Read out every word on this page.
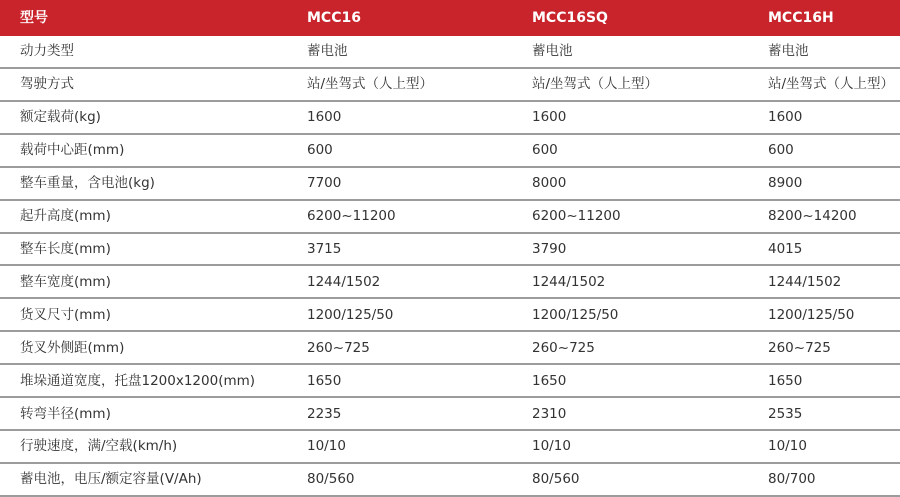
型号	MCC16	MCC16SQ	MCC16H
动力类型	蓄电池	蓄电池	蓄电池
驾驶方式	站/坐驾式（人上型）	站/坐驾式（人上型）	站/坐驾式（人上型）
额定载荷(kg)	1600	1600	1600
载荷中心距(mm)	600	600	600
整车重量，含电池(kg)	7700	8000	8900
起升高度(mm)	6200~11200	6200~11200	8200~14200
整车长度(mm)	3715	3790	4015
整车宽度(mm)	1244/1502	1244/1502	1244/1502
货叉尺寸(mm)	1200/125/50	1200/125/50	1200/125/50
货叉外侧距(mm)	260~725	260~725	260~725
堆垛通道宽度，托盘1200x1200(mm)	1650	1650	1650
转弯半径(mm)	2235	2310	2535
行驶速度，满/空载(km/h)	10/10	10/10	10/10
蓄电池，电压/额定容量(V/Ah)	80/560	80/560	80/700
